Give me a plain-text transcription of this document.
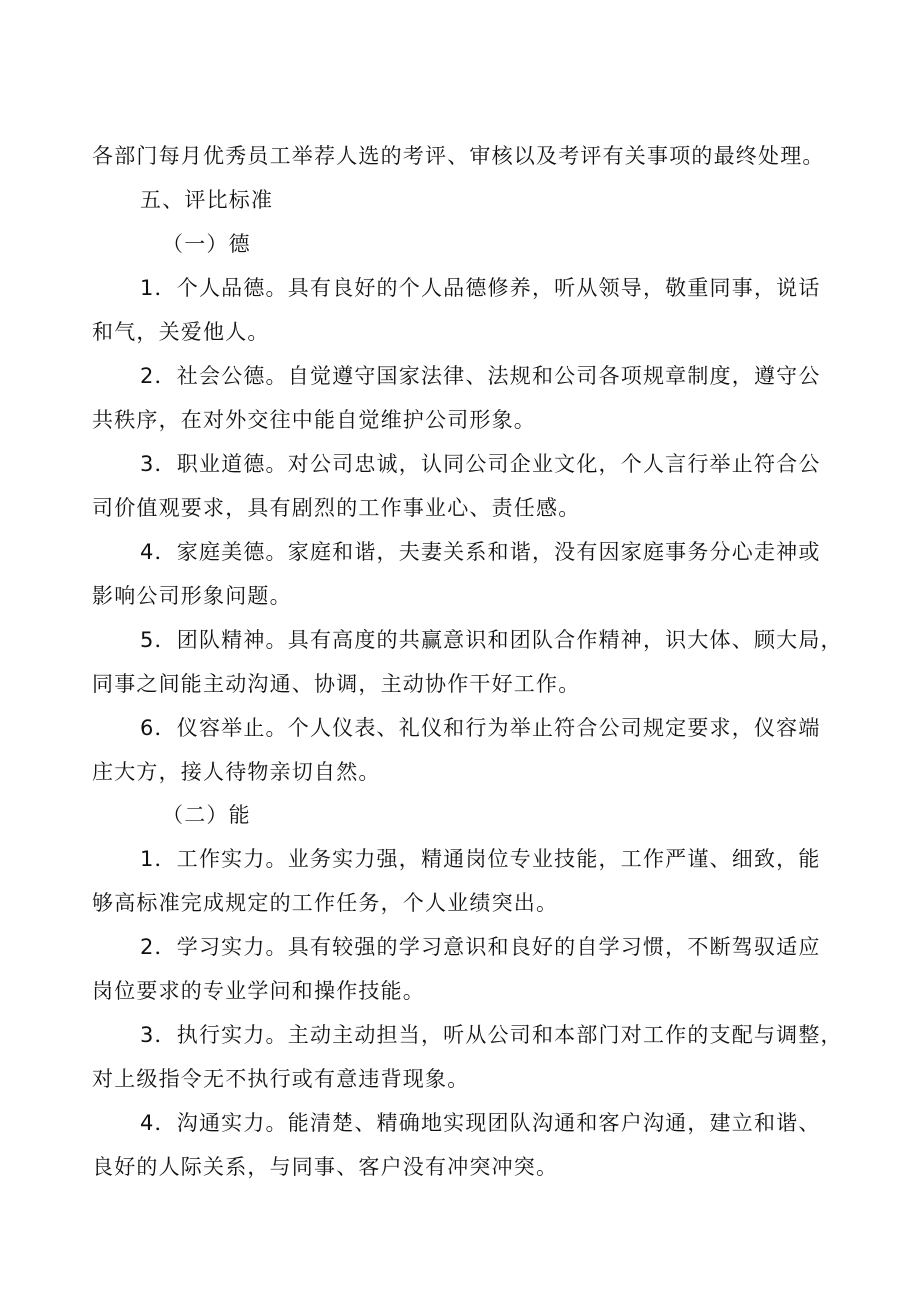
各部门每月优秀员工举荐人选的考评、审核以及考评有关事项的最终处理。
五、评比标准
（一）德
1．个人品德。具有良好的个人品德修养，听从领导，敬重同事，说话
和气，关爱他人。
2．社会公德。自觉遵守国家法律、法规和公司各项规章制度，遵守公
共秩序，在对外交往中能自觉维护公司形象。
3．职业道德。对公司忠诚，认同公司企业文化，个人言行举止符合公
司价值观要求，具有剧烈的工作事业心、责任感。
4．家庭美德。家庭和谐，夫妻关系和谐，没有因家庭事务分心走神或
影响公司形象问题。
5．团队精神。具有高度的共赢意识和团队合作精神，识大体、顾大局，
同事之间能主动沟通、协调，主动协作干好工作。
6．仪容举止。个人仪表、礼仪和行为举止符合公司规定要求，仪容端
庄大方，接人待物亲切自然。
（二）能
1．工作实力。业务实力强，精通岗位专业技能，工作严谨、细致，能
够高标准完成规定的工作任务，个人业绩突出。
2．学习实力。具有较强的学习意识和良好的自学习惯，不断驾驭适应
岗位要求的专业学问和操作技能。
3．执行实力。主动主动担当，听从公司和本部门对工作的支配与调整，
对上级指令无不执行或有意违背现象。
4．沟通实力。能清楚、精确地实现团队沟通和客户沟通，建立和谐、
良好的人际关系，与同事、客户没有冲突冲突。
